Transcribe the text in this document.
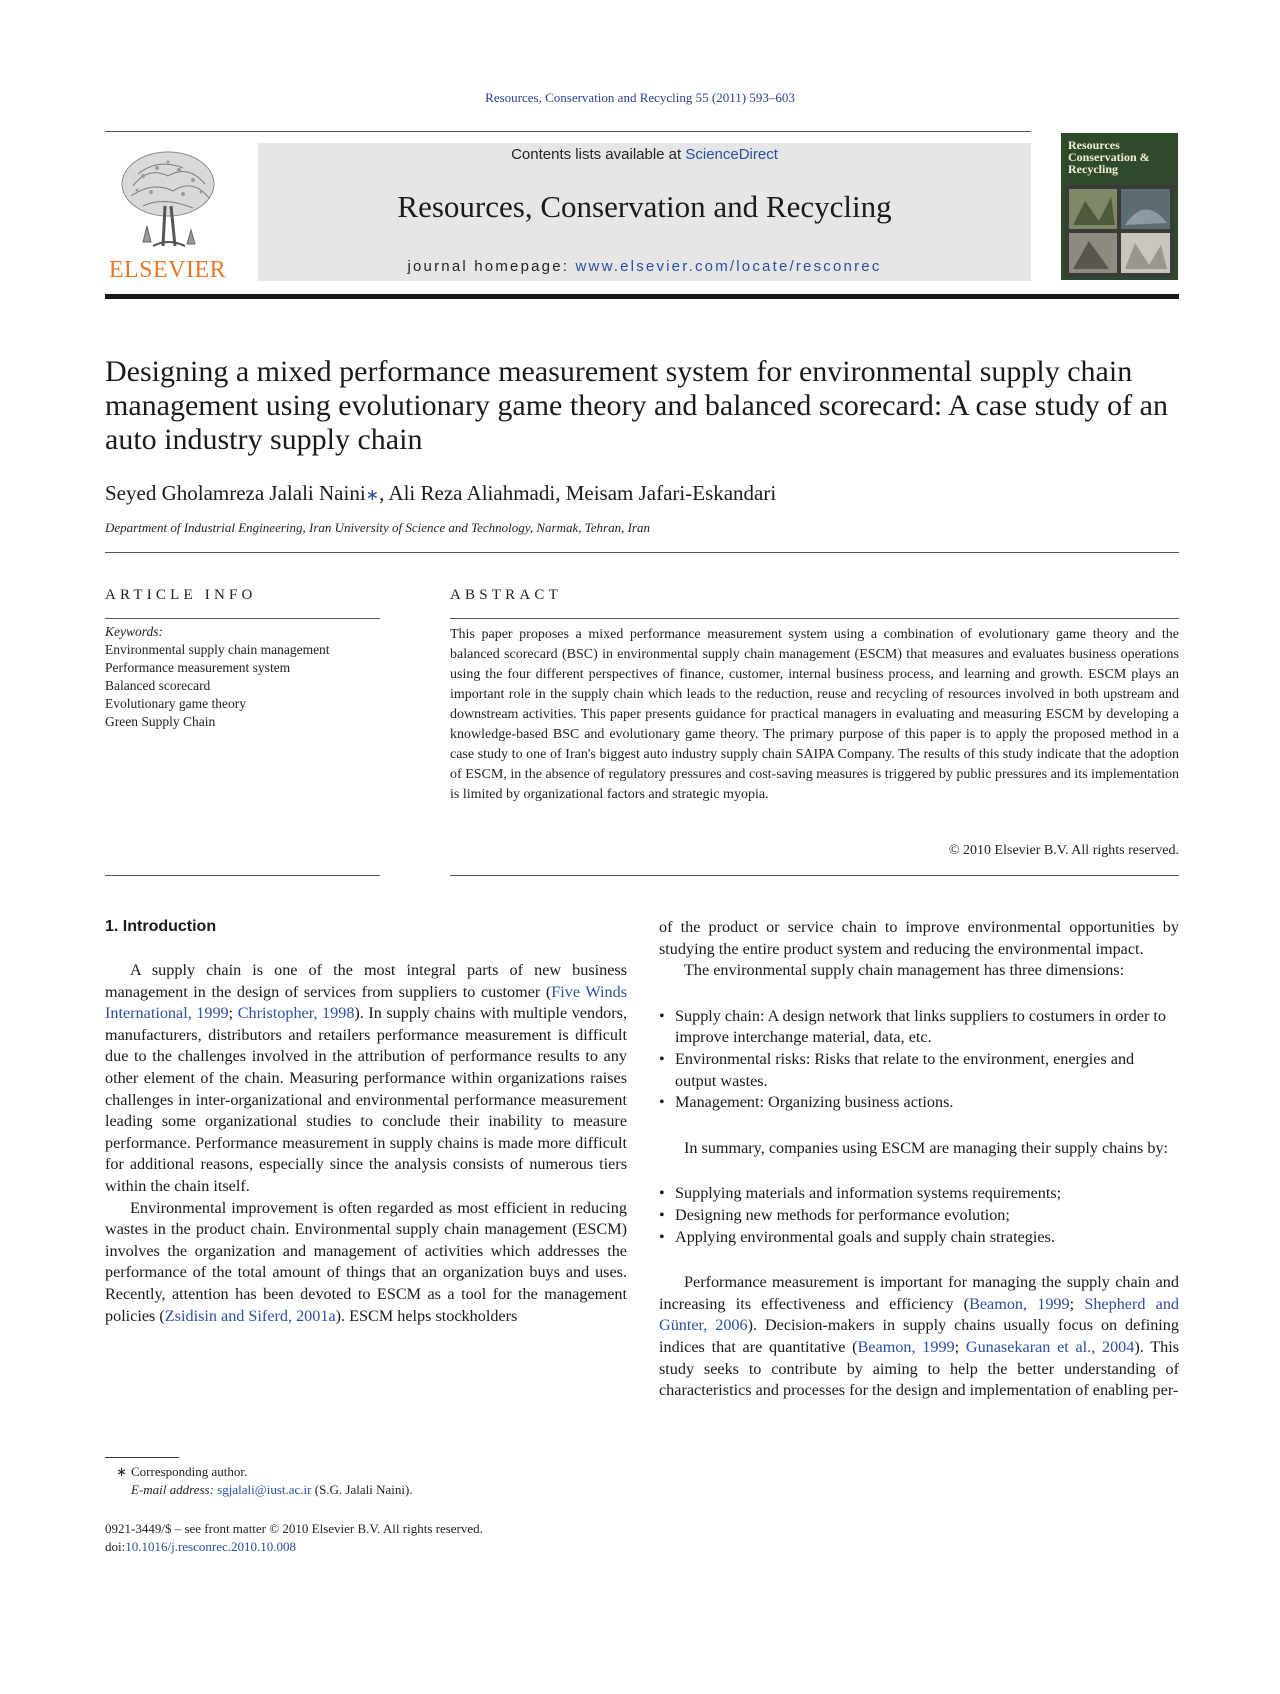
Resources, Conservation and Recycling 55 (2011) 593–603
ELSEVIER
Contents lists available at ScienceDirect
Resources, Conservation and Recycling
journal homepage: www.elsevier.com/locate/resconrec
Resources Conservation & Recycling
Designing a mixed performance measurement system for environmental supply chain management using evolutionary game theory and balanced scorecard: A case study of an auto industry supply chain
Seyed Gholamreza Jalali Naini∗, Ali Reza Aliahmadi, Meisam Jafari-Eskandari
Department of Industrial Engineering, Iran University of Science and Technology, Narmak, Tehran, Iran
ARTICLE INFO
Keywords:
Environmental supply chain management
Performance measurement system
Balanced scorecard
Evolutionary game theory
Green Supply Chain
ABSTRACT
This paper proposes a mixed performance measurement system using a combination of evolutionary game theory and the balanced scorecard (BSC) in environmental supply chain management (ESCM) that measures and evaluates business operations using the four different perspectives of finance, customer, internal business process, and learning and growth. ESCM plays an important role in the supply chain which leads to the reduction, reuse and recycling of resources involved in both upstream and downstream activities. This paper presents guidance for practical managers in evaluating and measuring ESCM by developing a knowledge-based BSC and evolutionary game theory. The primary purpose of this paper is to apply the proposed method in a case study to one of Iran's biggest auto industry supply chain SAIPA Company. The results of this study indicate that the adoption of ESCM, in the absence of regulatory pressures and cost-saving measures is triggered by public pressures and its implementation is limited by organizational factors and strategic myopia.
© 2010 Elsevier B.V. All rights reserved.
1. Introduction

A supply chain is one of the most integral parts of new business management in the design of services from suppliers to customer (Five Winds International, 1999; Christopher, 1998). In supply chains with multiple vendors, manufacturers, distributors and retailers performance measurement is difficult due to the challenges involved in the attribution of performance results to any other element of the chain. Measuring performance within organizations raises challenges in inter-organizational and environmental performance measurement leading some organizational studies to conclude their inability to measure performance. Performance measurement in supply chains is made more difficult for additional reasons, especially since the analysis consists of numerous tiers within the chain itself.

Environmental improvement is often regarded as most efficient in reducing wastes in the product chain. Environmental supply chain management (ESCM) involves the organization and management of activities which addresses the performance of the total amount of things that an organization buys and uses. Recently, attention has been devoted to ESCM as a tool for the management policies (Zsidisin and Siferd, 2001a). ESCM helps stockholders

of the product or service chain to improve environmental opportunities by studying the entire product system and reducing the environmental impact.

The environmental supply chain management has three dimensions:

• Supply chain: A design network that links suppliers to costumers in order to improve interchange material, data, etc.
• Environmental risks: Risks that relate to the environment, energies and output wastes.
• Management: Organizing business actions.

In summary, companies using ESCM are managing their supply chains by:

• Supplying materials and information systems requirements;
• Designing new methods for performance evolution;
• Applying environmental goals and supply chain strategies.

Performance measurement is important for managing the supply chain and increasing its effectiveness and efficiency (Beamon, 1999; Shepherd and Günter, 2006). Decision-makers in supply chains usually focus on defining indices that are quantitative (Beamon, 1999; Gunasekaran et al., 2004). This study seeks to contribute by aiming to help the better understanding of characteristics and processes for the design and implementation of enabling per-

∗ Corresponding author.
E-mail address: sgjalali@iust.ac.ir (S.G. Jalali Naini).
0921-3449/$ – see front matter © 2010 Elsevier B.V. All rights reserved.
doi:10.1016/j.resconrec.2010.10.008
